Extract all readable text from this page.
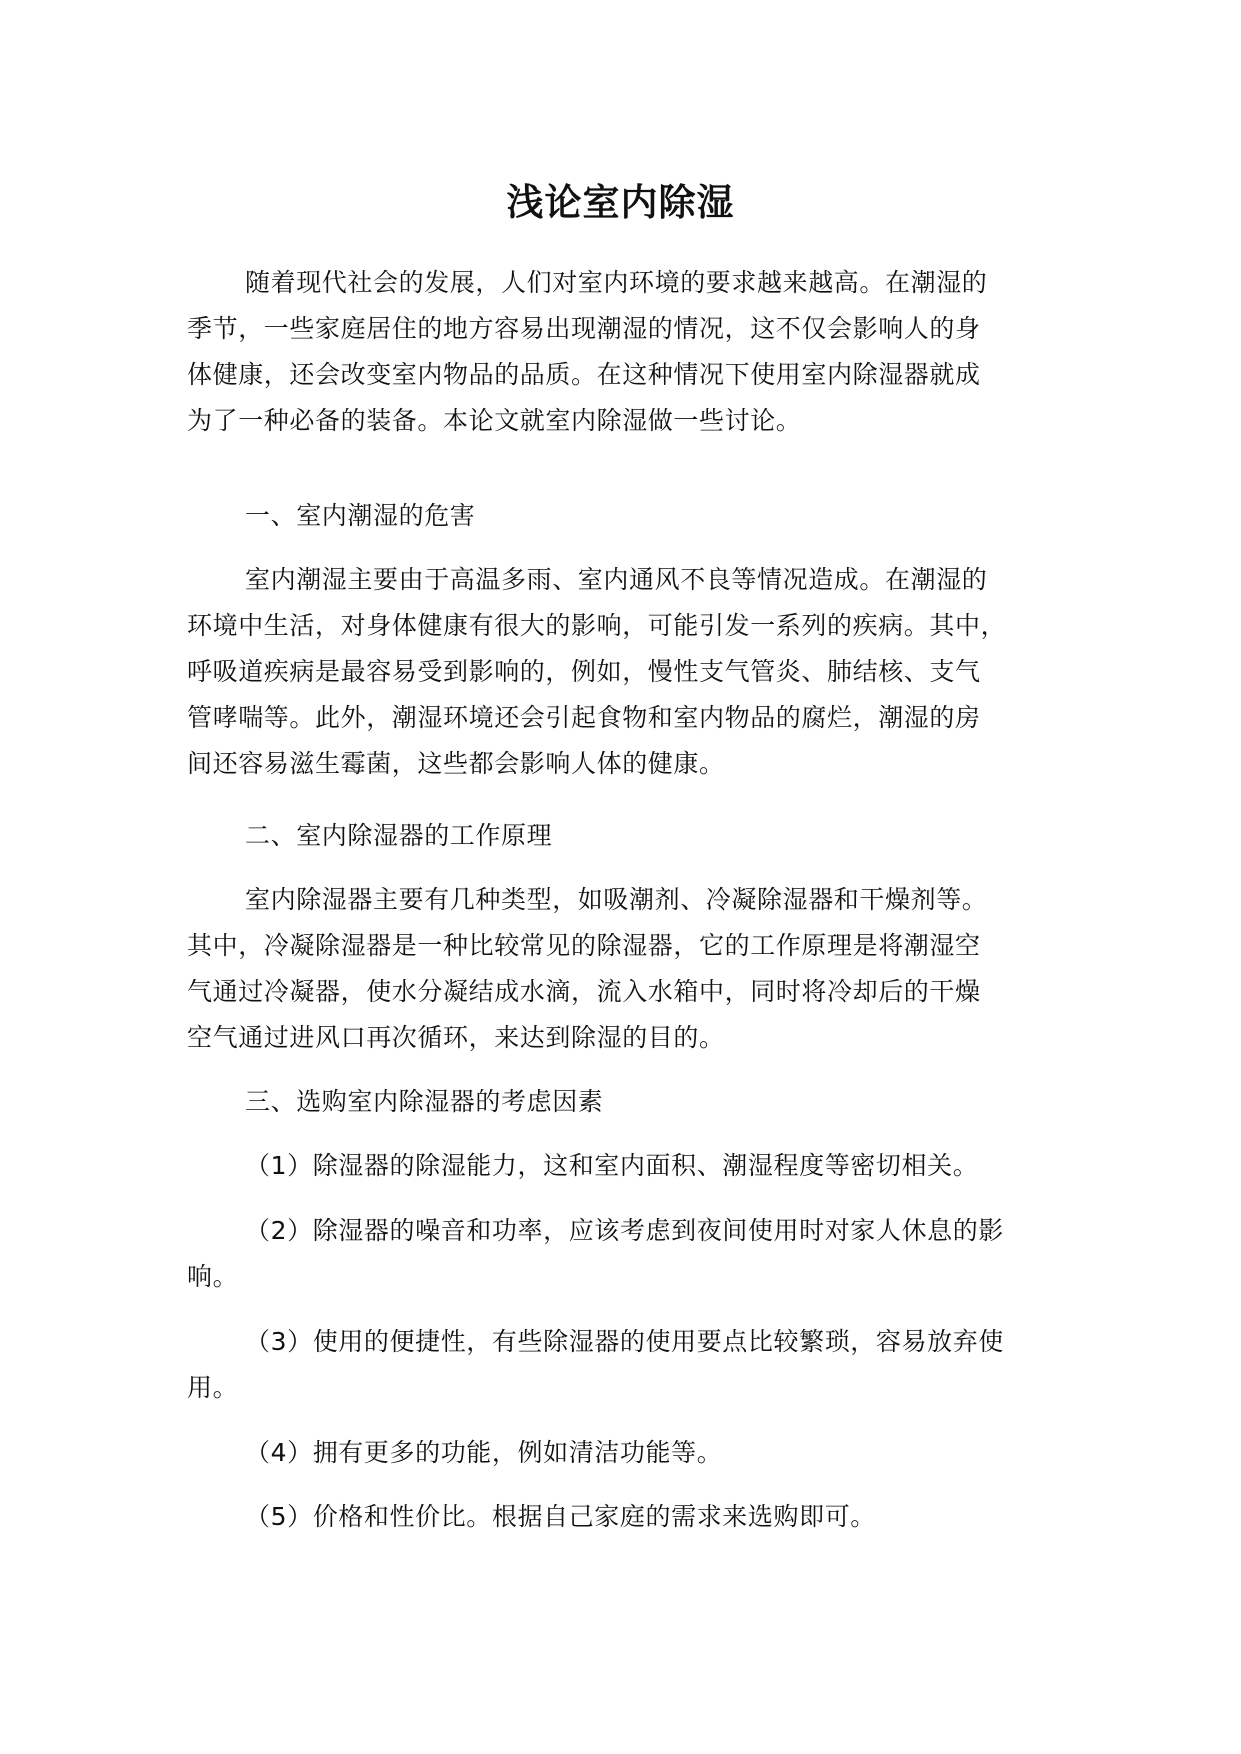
浅论室内除湿

随着现代社会的发展，人们对室内环境的要求越来越高。在潮湿的
季节，一些家庭居住的地方容易出现潮湿的情况，这不仅会影响人的身
体健康，还会改变室内物品的品质。在这种情况下使用室内除湿器就成
为了一种必备的装备。本论文就室内除湿做一些讨论。

一、室内潮湿的危害

室内潮湿主要由于高温多雨、室内通风不良等情况造成。在潮湿的
环境中生活，对身体健康有很大的影响，可能引发一系列的疾病。其中，
呼吸道疾病是最容易受到影响的，例如，慢性支气管炎、肺结核、支气
管哮喘等。此外，潮湿环境还会引起食物和室内物品的腐烂，潮湿的房
间还容易滋生霉菌，这些都会影响人体的健康。

二、室内除湿器的工作原理

室内除湿器主要有几种类型，如吸潮剂、冷凝除湿器和干燥剂等。
其中，冷凝除湿器是一种比较常见的除湿器，它的工作原理是将潮湿空
气通过冷凝器，使水分凝结成水滴，流入水箱中，同时将冷却后的干燥
空气通过进风口再次循环，来达到除湿的目的。

三、选购室内除湿器的考虑因素

（1）除湿器的除湿能力，这和室内面积、潮湿程度等密切相关。

（2）除湿器的噪音和功率，应该考虑到夜间使用时对家人休息的影
响。

（3）使用的便捷性，有些除湿器的使用要点比较繁琐，容易放弃使
用。

（4）拥有更多的功能，例如清洁功能等。

（5）价格和性价比。根据自己家庭的需求来选购即可。
